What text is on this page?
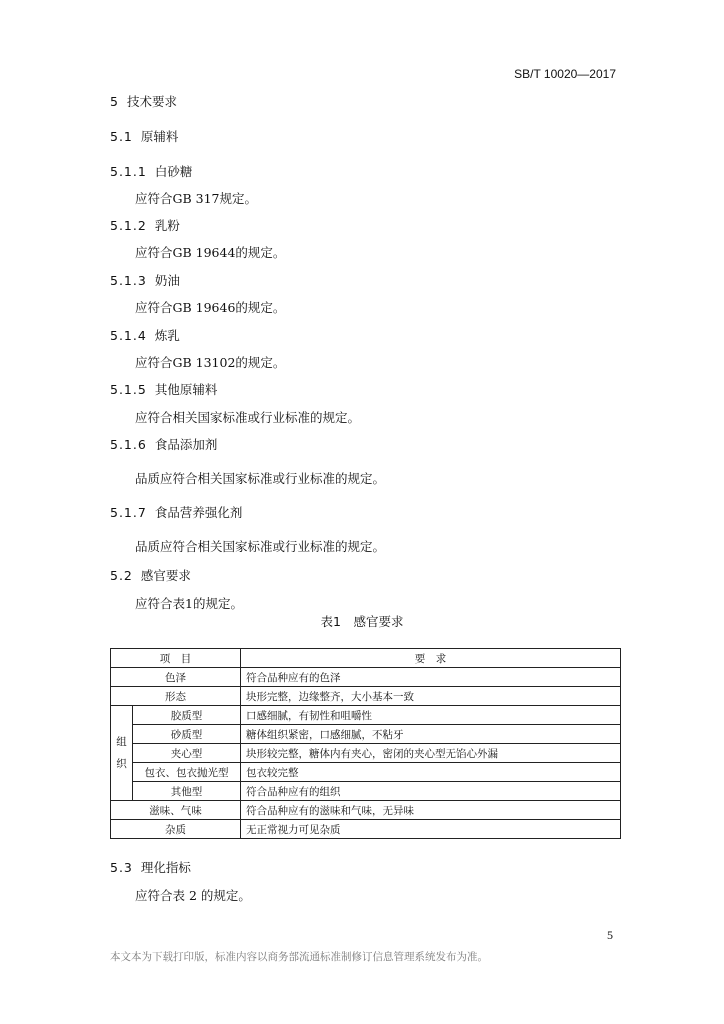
SB/T 10020—2017
5 技术要求
5.1 原辅料
5.1.1 白砂糖
应符合GB 317规定。
5.1.2 乳粉
应符合GB 19644的规定。
5.1.3 奶油
应符合GB 19646的规定。
5.1.4 炼乳
应符合GB 13102的规定。
5.1.5 其他原辅料
应符合相关国家标准或行业标准的规定。
5.1.6 食品添加剂
品质应符合相关国家标准或行业标准的规定。
5.1.7 食品营养强化剂
品质应符合相关国家标准或行业标准的规定。
5.2 感官要求
应符合表1的规定。
表1　感官要求
项　目		要　求
色泽		符合品种应有的色泽
形态		块形完整，边缘整齐，大小基本一致
组
织	胶质型	口感细腻，有韧性和咀嚼性
	砂质型	糖体组织紧密，口感细腻，不粘牙
	夹心型	块形较完整，糖体内有夹心，密闭的夹心型无馅心外漏
	包衣、包衣抛光型	包衣较完整
	其他型	符合品种应有的组织
滋味、气味		符合品种应有的滋味和气味，无异味
杂质		无正常视力可见杂质
5.3 理化指标
应符合表 2 的规定。
5
本文本为下载打印版，标准内容以商务部流通标准制修订信息管理系统发布为准。
